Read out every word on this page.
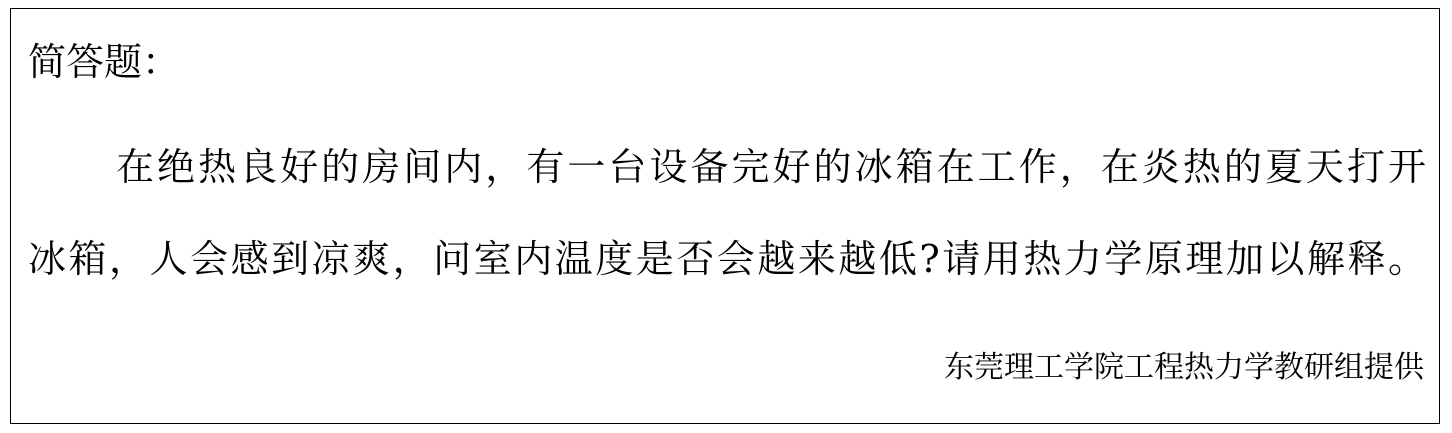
简答题：
在绝热良好的房间内，有一台设备完好的冰箱在工作，在炎热的夏天打开
冰箱，人会感到凉爽，问室内温度是否会越来越低?请用热力学原理加以解释。
东莞理工学院工程热力学教研组提供
